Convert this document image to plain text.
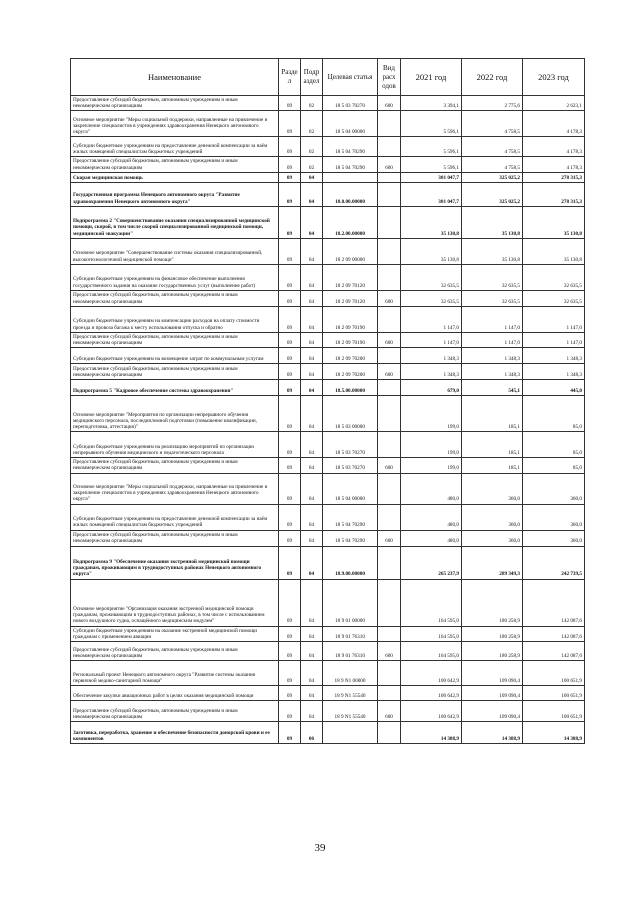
Наименование	Разде л	Подр аздел	Целевая статья	Вид расх одов	2021 год	2022 год	2023 год
Предоставление субсидий бюджетным, автономным учреждениям и иным некоммерческим организациям	09	02	18 5 03 70270	600	3 394,1	2 775,6	2 623,1
Основное мероприятие "Меры социальной поддержки, направленные на привлечение и закрепление специалистов в учреждениях здравоохранения Ненецкого автономного округа"	09	02	18 5 04 00000		5 596,1	4 758,5	4 178,3
Субсидии бюджетным учреждениям на предоставление денежной компенсации за наём жилых помещений специалистам бюджетных учреждений	09	02	18 5 04 70290		5 596,1	4 758,5	4 178,3
Предоставление субсидий бюджетным, автономным учреждениям и иным некоммерческим организациям	09	02	18 5 04 70290	600	5 596,1	4 758,5	4 178,3
Скорая медицинская помощь	09	04			301 047,7	325 025,2	278 315,3
Государственная программа Ненецкого автономного округа "Развитие здравоохранения Ненецкого автономного округа"	09	04	18.0.00.00000		301 047,7	325 025,2	278 315,3
Подпрограмма 2 "Совершенствование оказания специализированной медицинской помощи, скорой, в том числе скорой специализированной медицинской помощи, медицинской эвакуации"	09	04	18.2.00.00000		35 130,8	35 130,8	35 130,8
Основное мероприятие "Совершенствование системы оказания специализированной, высокотехнологичной медицинской помощи"	09	04	18 2 09 00000		35 130,8	35 130,8	35 130,8
Субсидии бюджетным учреждениям на финансовое обеспечение выполнения государственного задания на оказание государственных услуг (выполнение работ)	09	04	18 2 09 70120		32 635,5	32 635,5	32 635,5
Предоставление субсидий бюджетным, автономным учреждениям и иным некоммерческим организациям	09	04	18 2 09 70120	600	32 635,5	32 635,5	32 635,5
Субсидии бюджетным учреждениям на компенсацию расходов на оплату стоимости проезда и провоза багажа к месту использования отпуска и обратно	09	04	18 2 09 70190		1 147,0	1 147,0	1 147,0
Предоставление субсидий бюджетным, автономным учреждениям и иным некоммерческим организациям	09	04	18 2 09 70190	600	1 147,0	1 147,0	1 147,0
Субсидии бюджетным учреждениям на возмещение затрат по коммунальным услугам	09	04	18 2 09 70200		1 348,3	1 348,3	1 348,3
Предоставление субсидий бюджетным, автономным учреждениям и иным некоммерческим организациям	09	04	18 2 09 70200	600	1 348,3	1 348,3	1 348,3
Подпрограмма 5 "Кадровое обеспечение системы здравоохранения"	09	04	18.5.00.00000		679,0	545,1	445,0
Основное мероприятие "Мероприятия по организации непрерывного обучения медицинского персонала, последипломной подготовки (повышение квалификации, переподготовка, аттестация)"	09	04	18 5 03 00000		199,0	185,1	85,0
Субсидии бюджетным учреждениям на реализацию мероприятий по организации непрерывного обучения медицинского и педагогического персонала	09	04	18 5 03 70270		199,0	185,1	85,0
Предоставление субсидий бюджетным, автономным учреждениям и иным некоммерческим организациям	09	04	18 5 03 70270	600	199,0	185,1	85,0
Основное мероприятие "Меры социальной поддержки, направленные на привлечение и закрепление специалистов в учреждениях здравоохранения Ненецкого автономного округа"	09	04	18 5 04 00000		480,0	360,0	360,0
Субсидии бюджетным учреждениям на предоставление денежной компенсации за наём жилых помещений специалистам бюджетных учреждений	09	04	18 5 04 70290		480,0	360,0	360,0
Предоставление субсидий бюджетным, автономным учреждениям и иным некоммерческим организациям	09	04	18 5 04 70290	600	480,0	360,0	360,0
Подпрограмма 9 "Обеспечение оказания экстренной медицинской помощи гражданам, проживающим в труднодоступных районах Ненецкого автономного округа"	09	04	18.9.00.00000		265 237,9	289 349,3	242 739,5
Основное мероприятие "Организация оказания экстренной медицинской помощи гражданам, проживающим в труднодоступных районах, в том числе с использованием нового воздушного судна, оснащённого медицинским модулем"	09	04	18 9 01 00000		164 595,0	180 258,9	142 087,6
Субсидии бюджетным учреждениям на оказание экстренной медицинской помощи гражданам с применением авиации	09	04	18 9 01 76310		164 595,0	180 258,9	142 087,6
Предоставление субсидий бюджетным, автономным учреждениям и иным некоммерческим организациям	09	04	18 9 01 76310	600	164 595,0	180 258,9	142 087,6
Региональный проект Ненецкого автономного округа "Развитие системы оказания первичной медико-санитарной помощи"	09	04	18 9 N1 00000		100 642,9	109 090,4	100 651,9
Обеспечение закупки авиационных работ в целях оказания медицинской помощи	09	04	18 9 N1 55540		100 642,9	109 090,4	100 651,9
Предоставление субсидий бюджетным, автономным учреждениям и иным некоммерческим организациям	09	04	18 9 N1 55540	600	100 642,9	109 090,4	100 651,9
Заготовка, переработка, хранение и обеспечение безопасности донорской крови и ее компонентов	09	06			14 388,9	14 388,9	14 388,9
39
